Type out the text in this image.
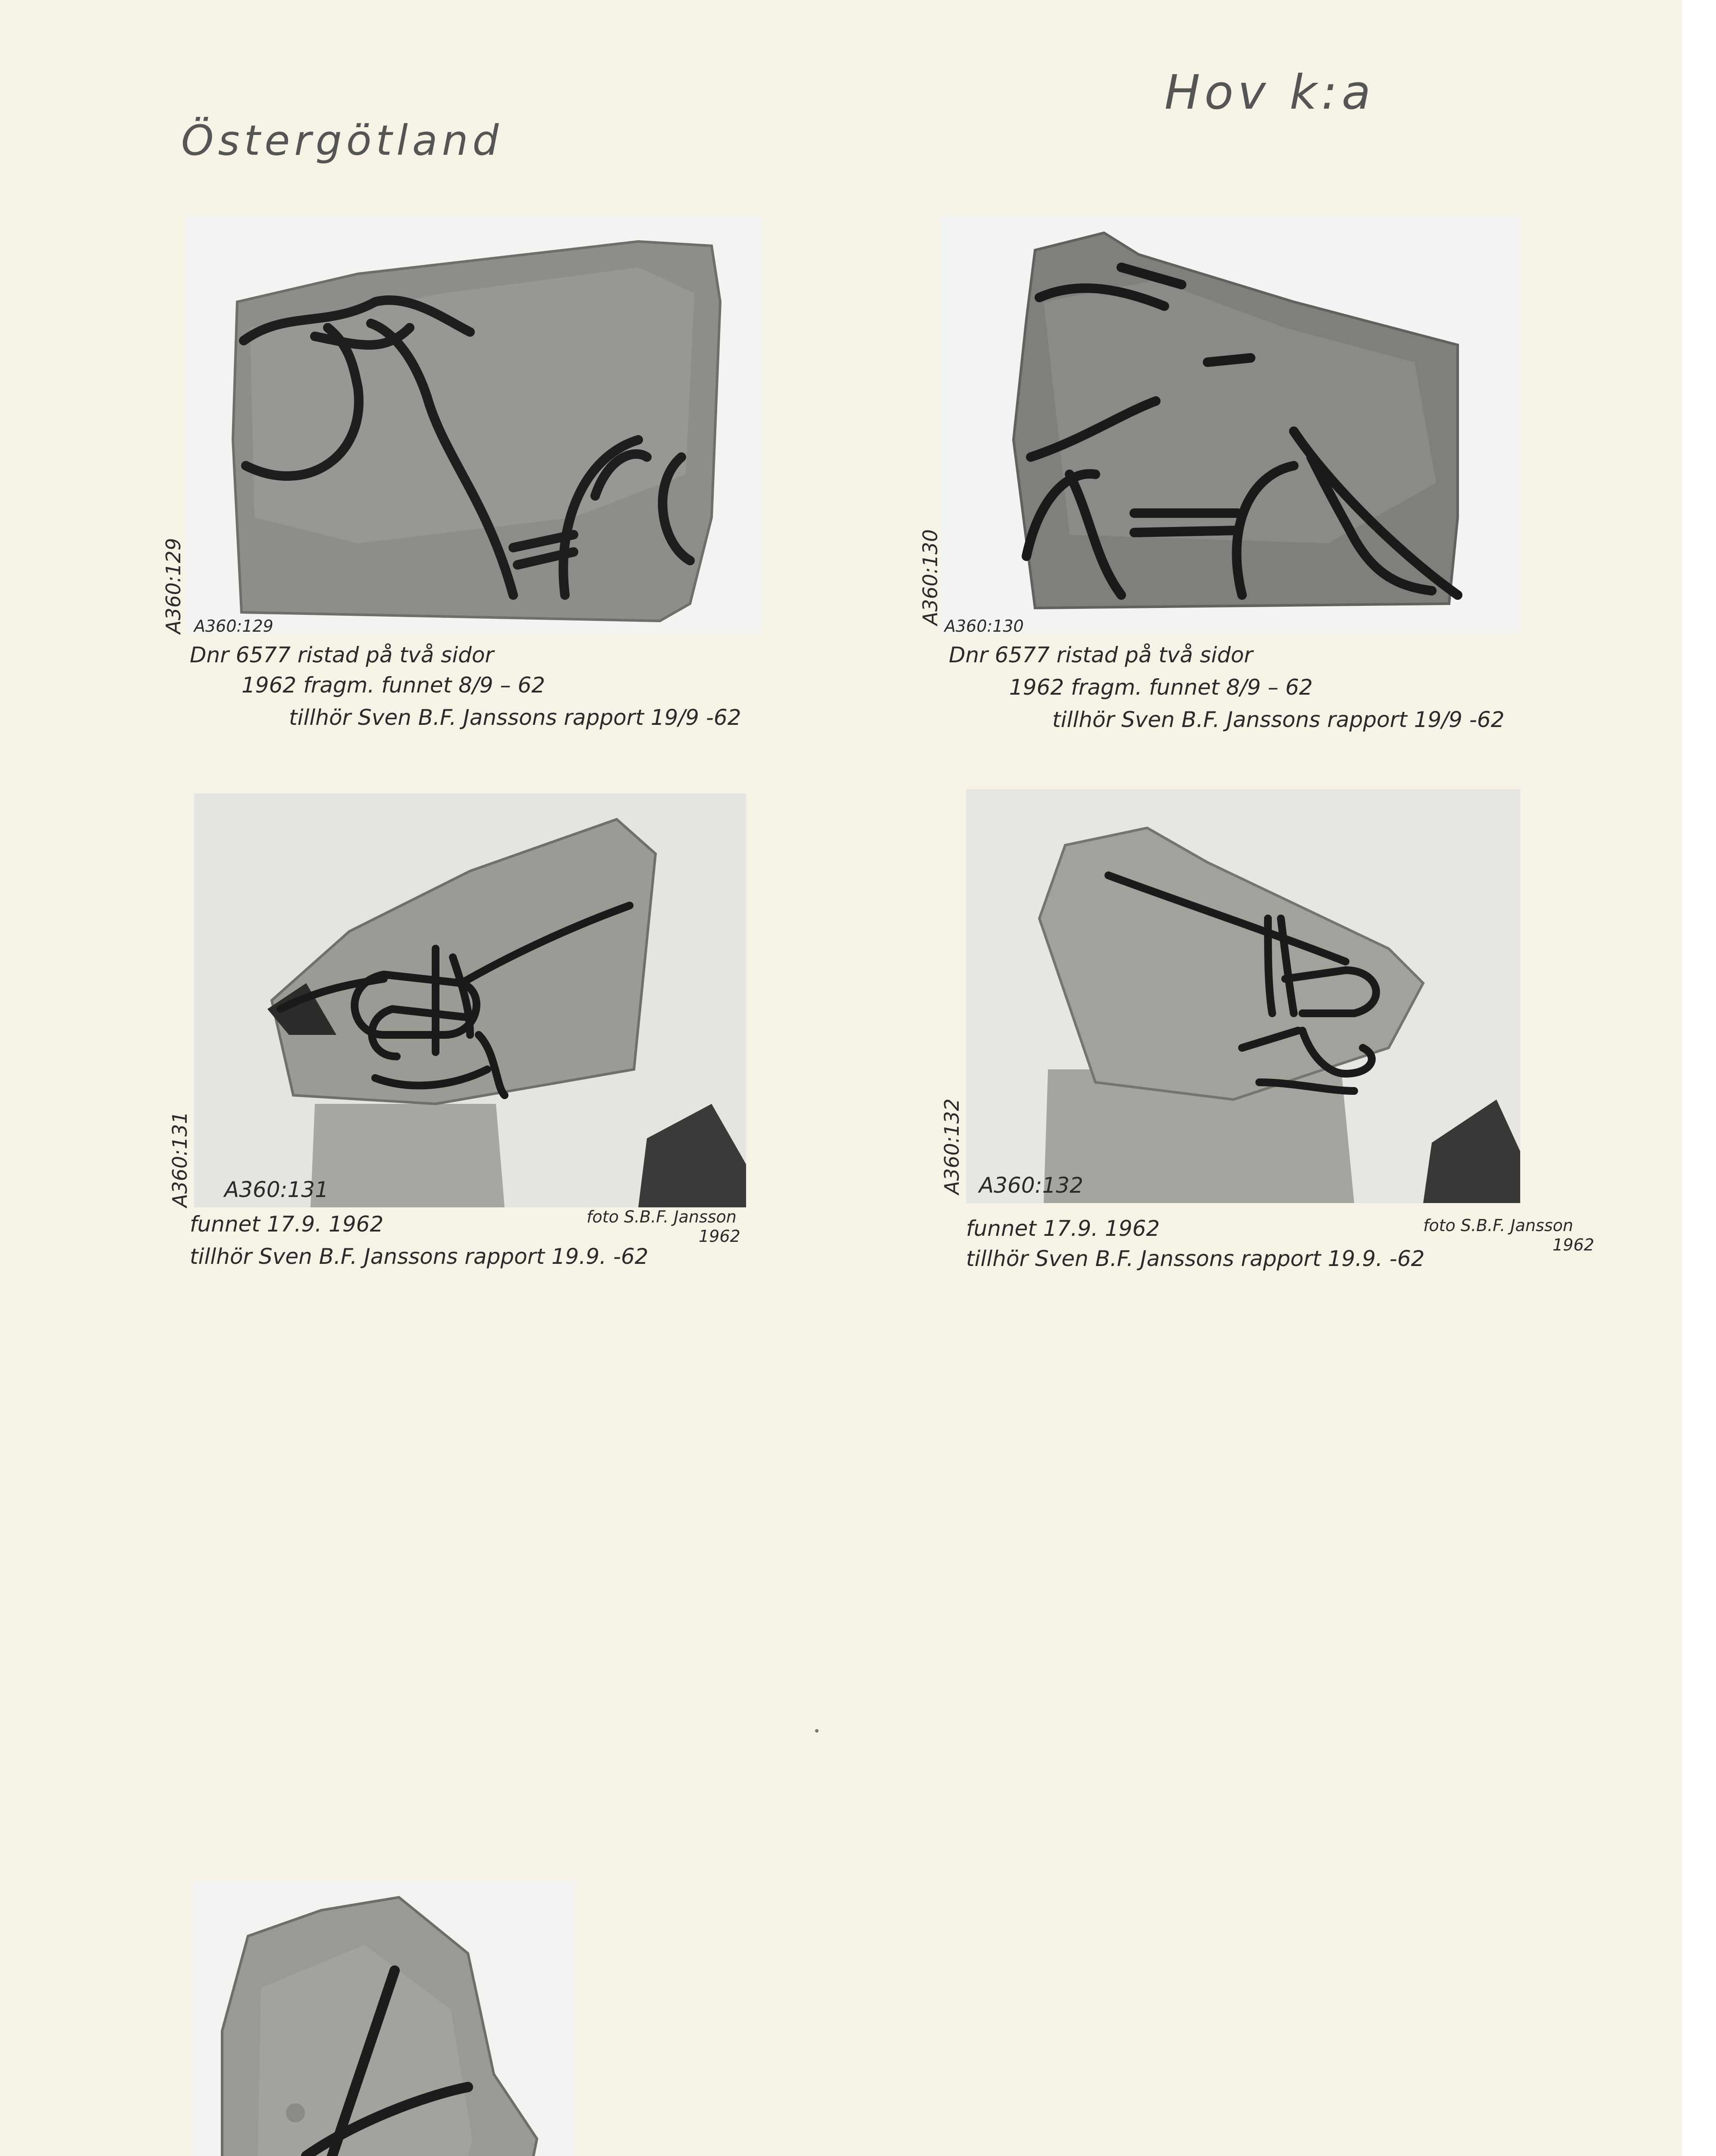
Östergötland
Hov k:a
A360:129 A360:129
Dnr 6577 ristad på två sidor
1962 fragm. funnet 8/9 – 62
tillhör Sven B.F. Janssons rapport 19/9 -62
A360:130
A360:130
Dnr 6577 ristad på två sidor
1962 fragm. funnet 8/9 – 62
tillhör Sven B.F. Janssons rapport 19/9 -62
A360:131 A360:131
funnet 17.9. 1962
tillhör Sven B.F. Janssons rapport 19.9. -62
foto S.B.F. Jansson
1962
A360:132 A360:132
funnet 17.9. 1962
tillhör Sven B.F. Janssons rapport 19.9. -62
foto S.B.F. Jansson
1962
